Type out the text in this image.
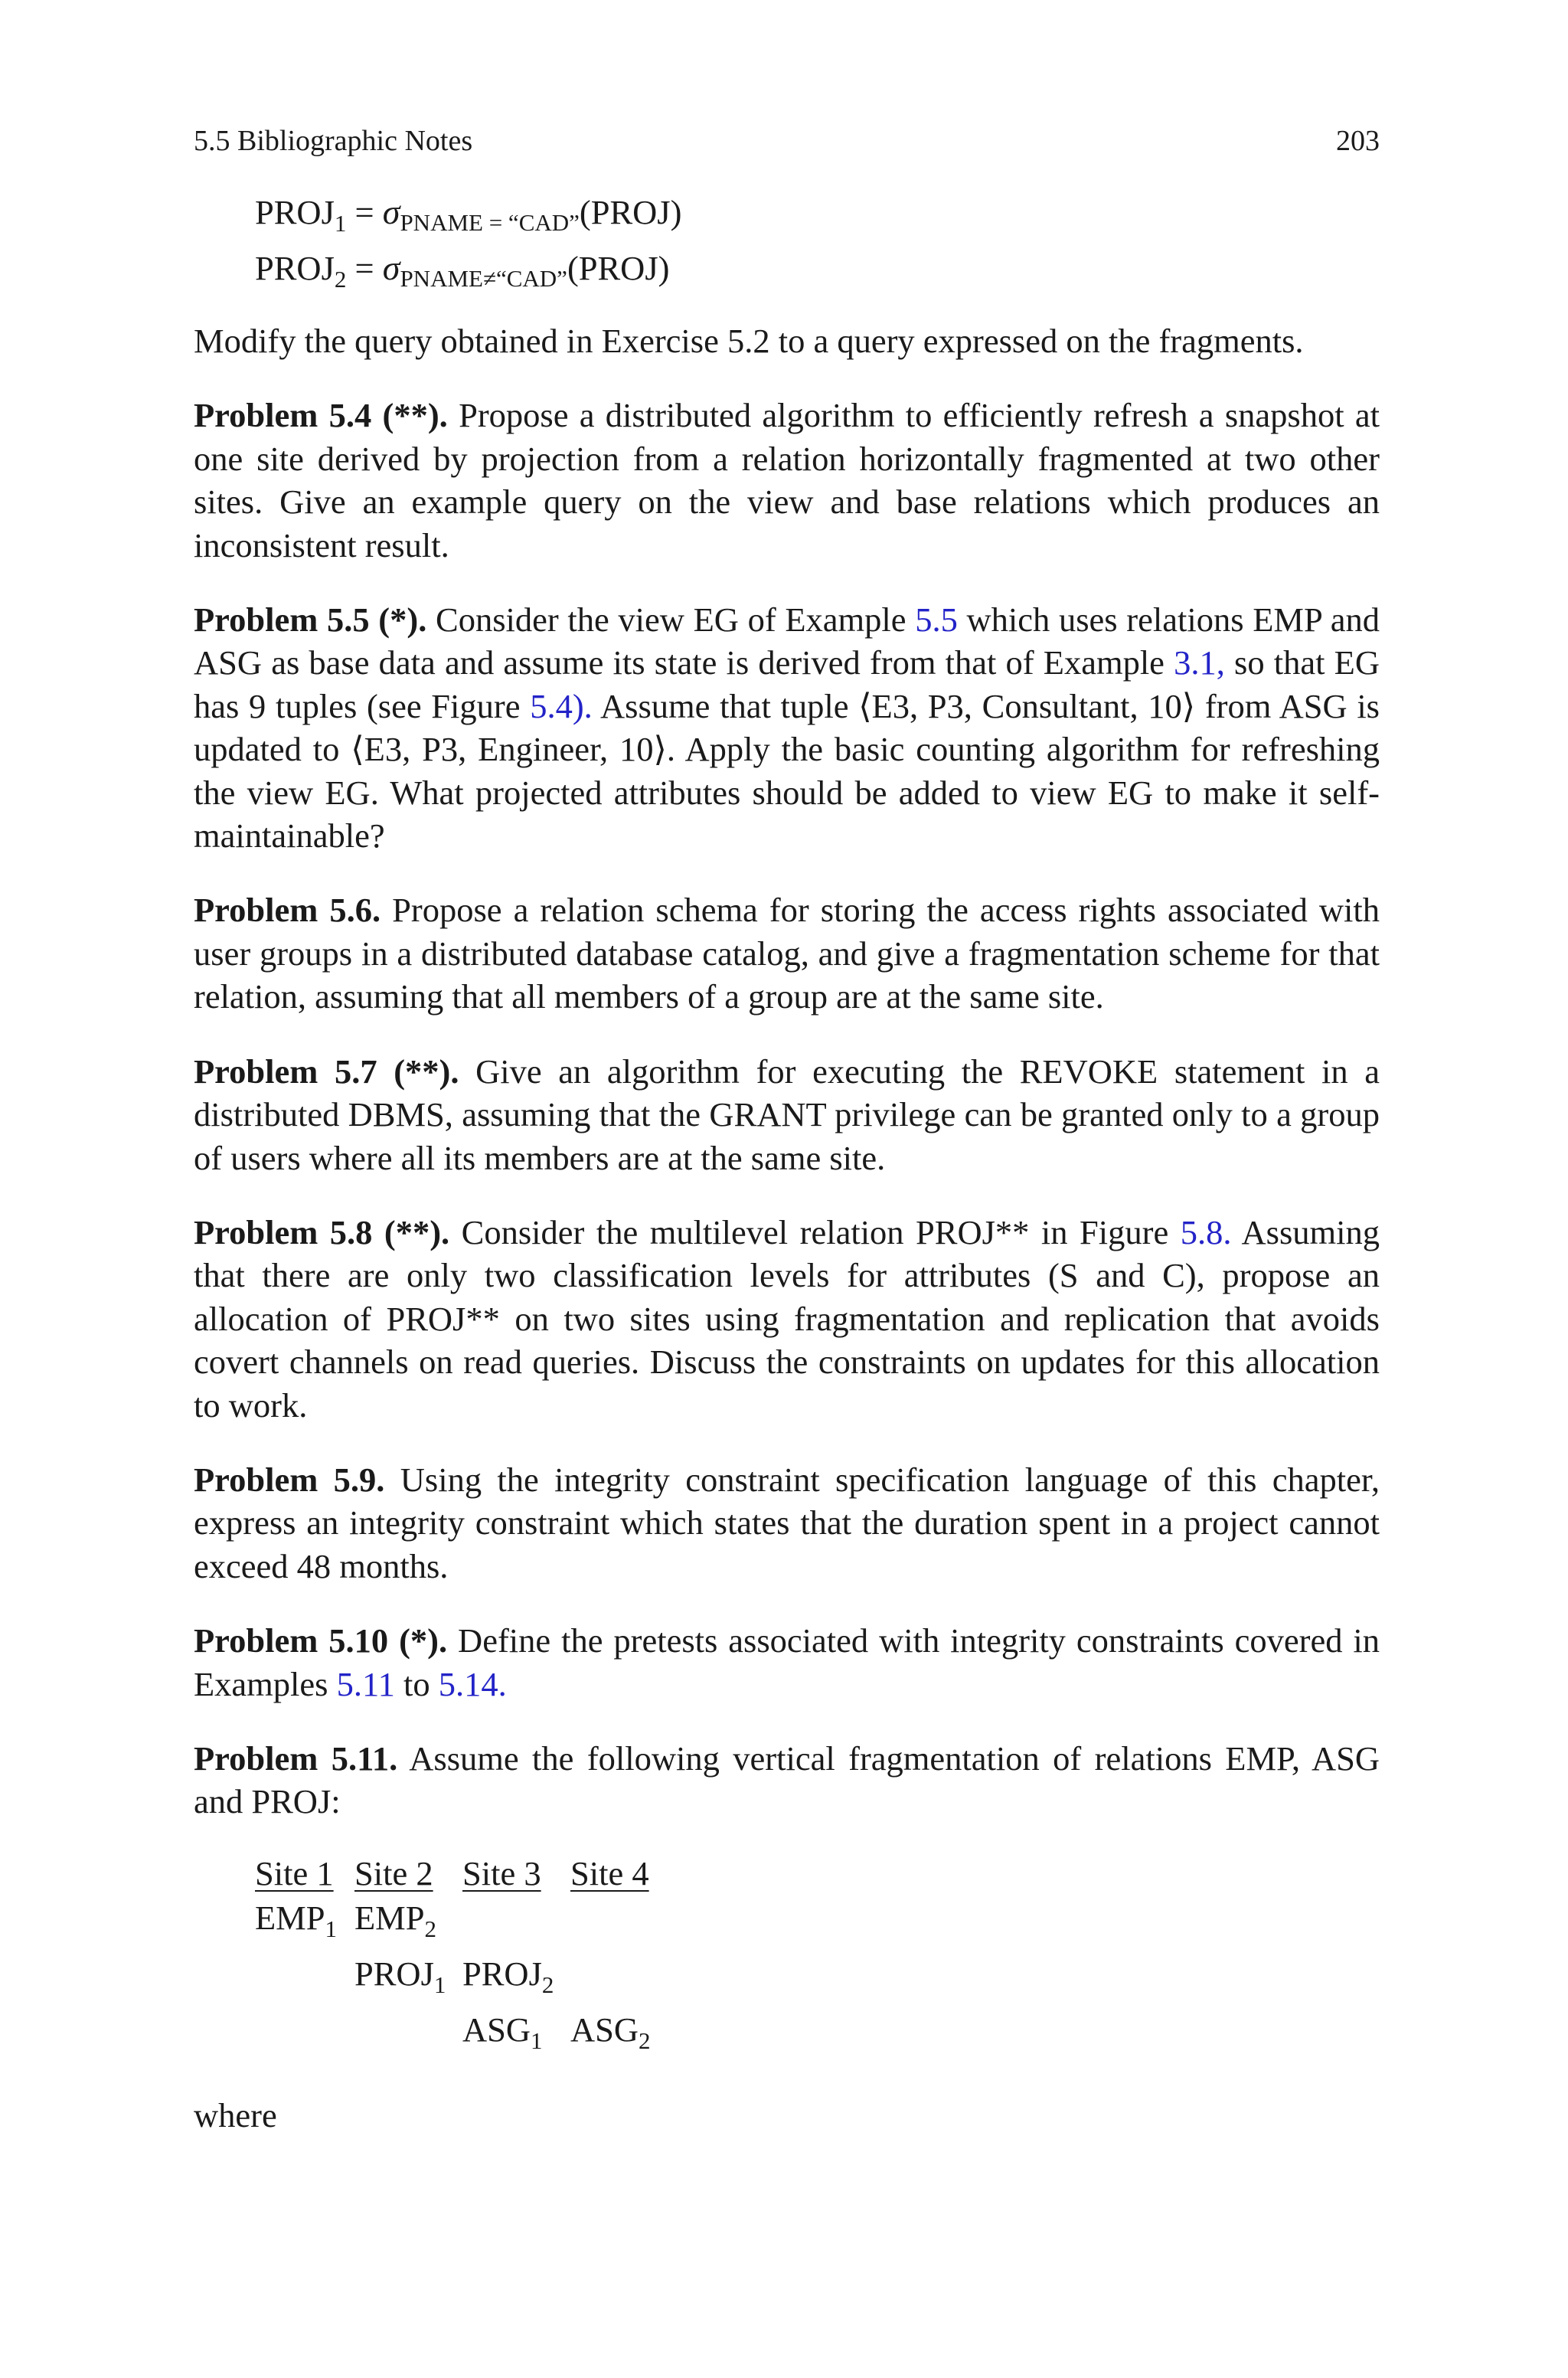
5.5 Bibliographic Notes	203
$PROJ_1$ = $\sigma_{PNAME = “CAD”}(PROJ)$
$PROJ_2$ = $\sigma_{PNAME\ne“CAD”}(PROJ)$

Modify the query obtained in Exercise 5.2 to a query expressed on the fragments.

Problem 5.4 (**). Propose a distributed algorithm to efficiently refresh a snapshot at one site derived by projection from a relation horizontally fragmented at two other sites. Give an example query on the view and base relations which produces an inconsistent result.

Problem 5.5 (*). Consider the view EG of Example 5.5 which uses relations EMP and ASG as base data and assume its state is derived from that of Example 3.1, so that EG has 9 tuples (see Figure 5.4). Assume that tuple ⟨E3, P3, Consultant, 10⟩ from ASG is updated to ⟨E3, P3, Engineer, 10⟩. Apply the basic counting algorithm for refreshing the view EG. What projected attributes should be added to view EG to make it self-maintainable?

Problem 5.6. Propose a relation schema for storing the access rights associated with user groups in a distributed database catalog, and give a fragmentation scheme for that relation, assuming that all members of a group are at the same site.

Problem 5.7 (**). Give an algorithm for executing the REVOKE statement in a distributed DBMS, assuming that the GRANT privilege can be granted only to a group of users where all its members are at the same site.

Problem 5.8 (**). Consider the multilevel relation PROJ** in Figure 5.8. Assuming that there are only two classification levels for attributes (S and C), propose an allocation of PROJ** on two sites using fragmentation and replication that avoids covert channels on read queries. Discuss the constraints on updates for this allocation to work.

Problem 5.9. Using the integrity constraint specification language of this chapter, express an integrity constraint which states that the duration spent in a project cannot exceed 48 months.

Problem 5.10 (*). Define the pretests associated with integrity constraints covered in Examples 5.11 to 5.14.

Problem 5.11. Assume the following vertical fragmentation of relations EMP, ASG and PROJ:

Site 1 Site 2 Site 3 Site 4
$EMP_1$ $EMP_2$
$PROJ_1$ $PROJ_2$
$ASG_1$ $ASG_2$

where
